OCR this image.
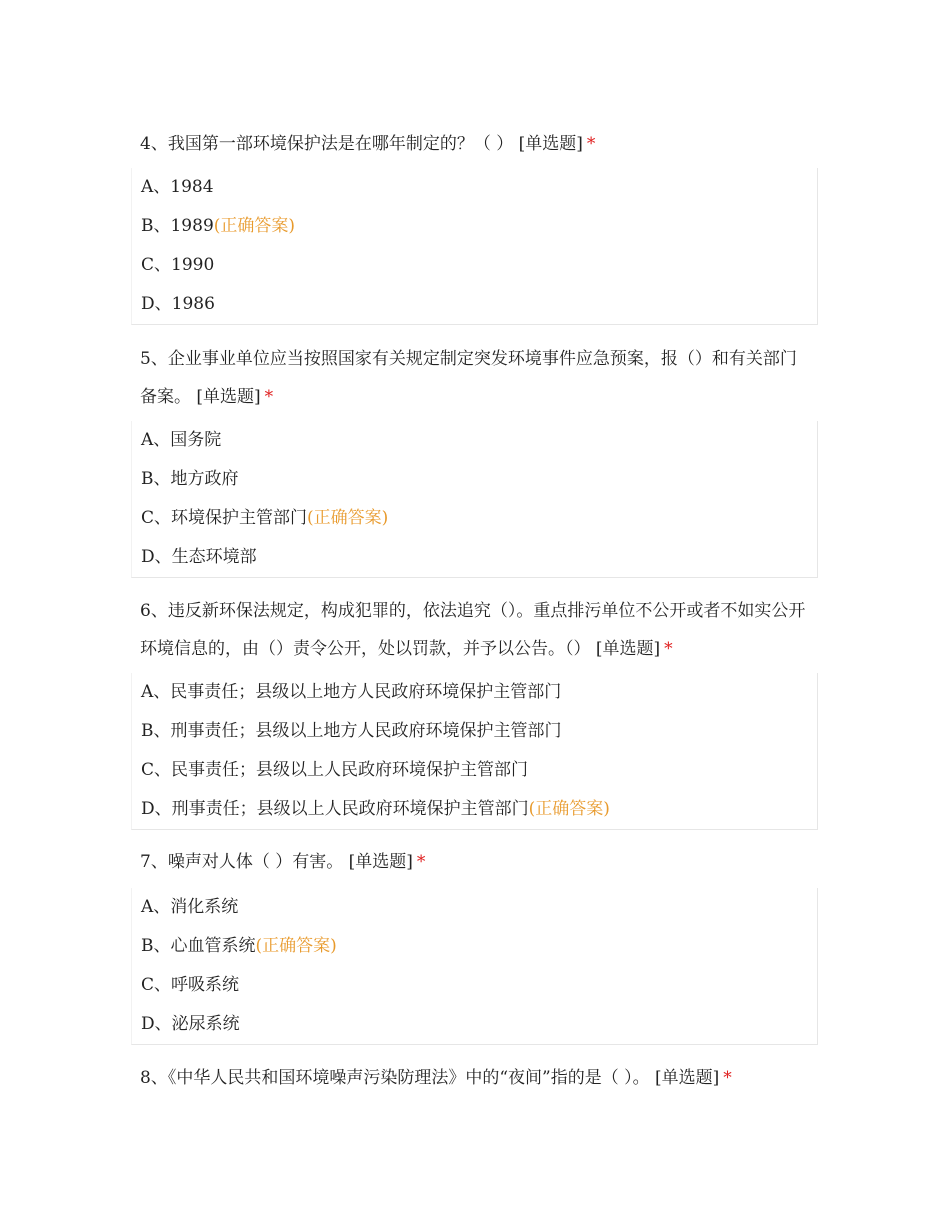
4、我国第一部环境保护法是在哪年制定的？（ ） [单选题] *

A、1984
B、1989(正确答案)
C、1990
D、1986

5、企业事业单位应当按照国家有关规定制定突发环境事件应急预案，报（）和有关部门备案。 [单选题] *

A、国务院
B、地方政府
C、环境保护主管部门(正确答案)
D、生态环境部

6、违反新环保法规定，构成犯罪的，依法追究（）。重点排污单位不公开或者不如实公开环境信息的，由（）责令公开，处以罚款，并予以公告。（） [单选题] *

A、民事责任；县级以上地方人民政府环境保护主管部门
B、刑事责任；县级以上地方人民政府环境保护主管部门
C、民事责任；县级以上人民政府环境保护主管部门
D、刑事责任；县级以上人民政府环境保护主管部门(正确答案)

7、噪声对人体（ ）有害。 [单选题] *

A、消化系统
B、心血管系统(正确答案)
C、呼吸系统
D、泌尿系统

8、《中华人民共和国环境噪声污染防理法》中的“夜间”指的是（ ）。 [单选题] *
